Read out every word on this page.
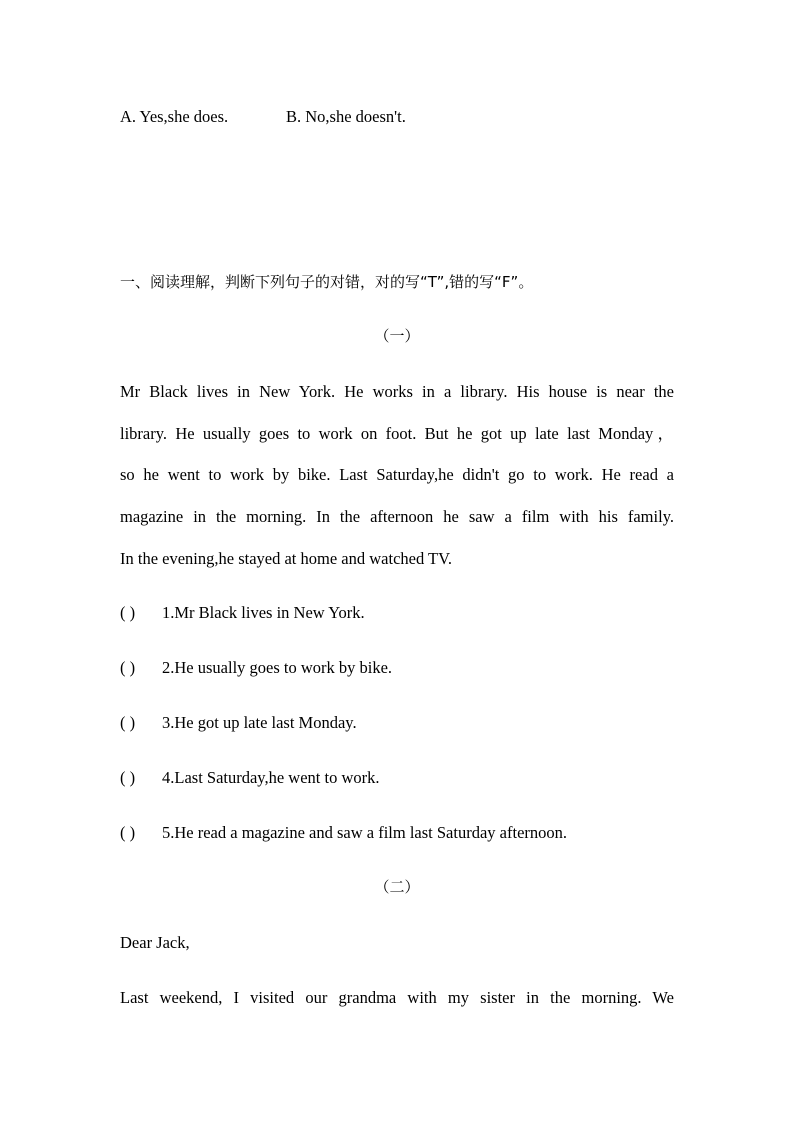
A. Yes,she does.	B. No,she doesn't.
一、阅读理解，判断下列句子的对错，对的写“T”,错的写“F”。
（一）
Mr Black lives in New York. He works in a library. His house is near the
library. He usually goes to work on foot. But he got up late last Monday，
so he went to work by bike. Last Saturday,he didn't go to work. He read a
magazine in the morning. In the afternoon he saw a film with his family.
In the evening,he stayed at home and watched TV.
( ) 1.Mr Black lives in New York.
( ) 2.He usually goes to work by bike.
( ) 3.He got up late last Monday.
( ) 4.Last Saturday,he went to work.
( ) 5.He read a magazine and saw a film last Saturday afternoon.
（二）
Dear Jack,
Last weekend, I visited our grandma with my sister in the morning. We
